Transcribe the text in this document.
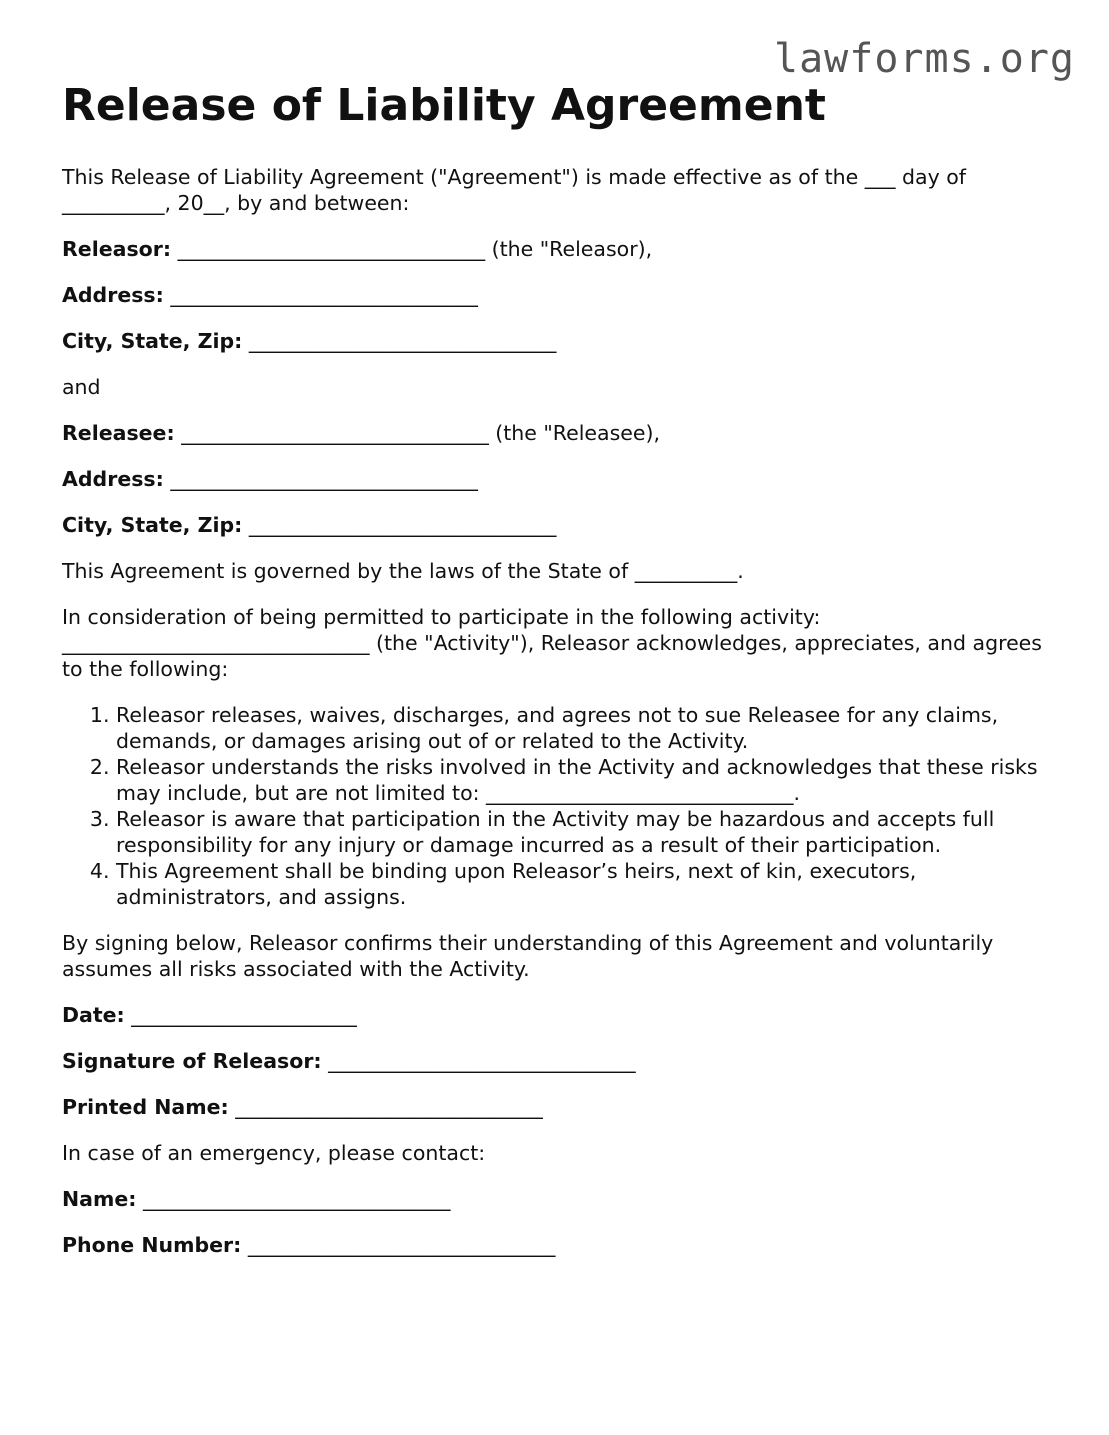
lawforms.org
Release of Liability Agreement

This Release of Liability Agreement ("Agreement") is made effective as of the ___ day of __________, 20__, by and between:

Releasor: ______________________________ (the "Releasor),

Address: ______________________________

City, State, Zip: ______________________________

and

Releasee: ______________________________ (the "Releasee),

Address: ______________________________

City, State, Zip: ______________________________

This Agreement is governed by the laws of the State of __________.

In consideration of being permitted to participate in the following activity: ______________________________ (the "Activity"), Releasor acknowledges, appreciates, and agrees to the following:

1. Releasor releases, waives, discharges, and agrees not to sue Releasee for any claims, demands, or damages arising out of or related to the Activity.
2. Releasor understands the risks involved in the Activity and acknowledges that these risks may include, but are not limited to: ______________________________.
3. Releasor is aware that participation in the Activity may be hazardous and accepts full responsibility for any injury or damage incurred as a result of their participation.
4. This Agreement shall be binding upon Releasor’s heirs, next of kin, executors, administrators, and assigns.

By signing below, Releasor confirms their understanding of this Agreement and voluntarily assumes all risks associated with the Activity.

Date: ______________________

Signature of Releasor: ______________________________

Printed Name: ______________________________

In case of an emergency, please contact:

Name: ______________________________

Phone Number: ______________________________
